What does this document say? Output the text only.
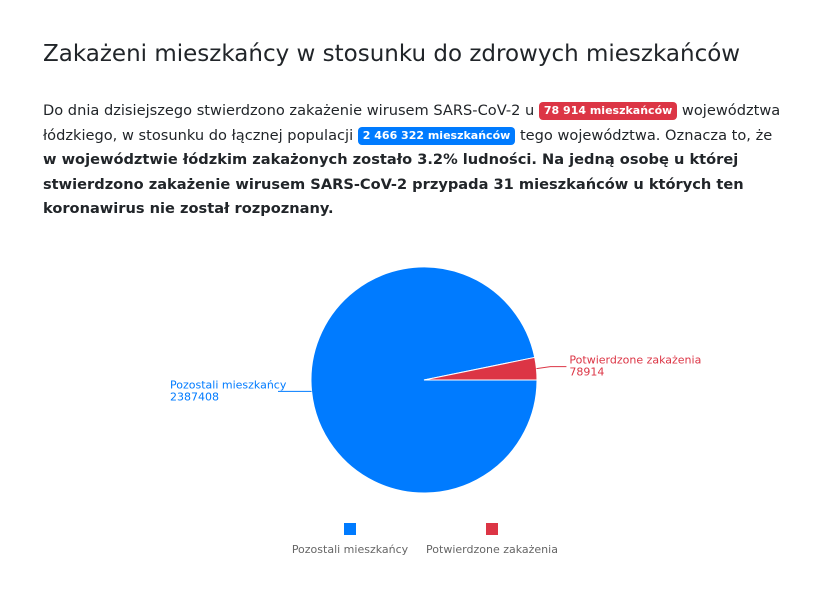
Zakażeni mieszkańcy w stosunku do zdrowych mieszkańców

Do dnia dzisiejszego stwierdzono zakażenie wirusem SARS-CoV-2 u 78 914 mieszkańców województwa łódzkiego, w stosunku do łącznej populacji 2 466 322 mieszkańców tego województwa. Oznacza to, że w województwie łódzkim zakażonych zostało 3.2% ludności. Na jedną osobę u której stwierdzono zakażenie wirusem SARS-CoV-2 przypada 31 mieszkańców u których ten koronawirus nie został rozpoznany.

Pozostali mieszkańcy
2387408
Potwierdzone zakażenia
78914
Pozostali mieszkańcy Potwierdzone zakażenia
